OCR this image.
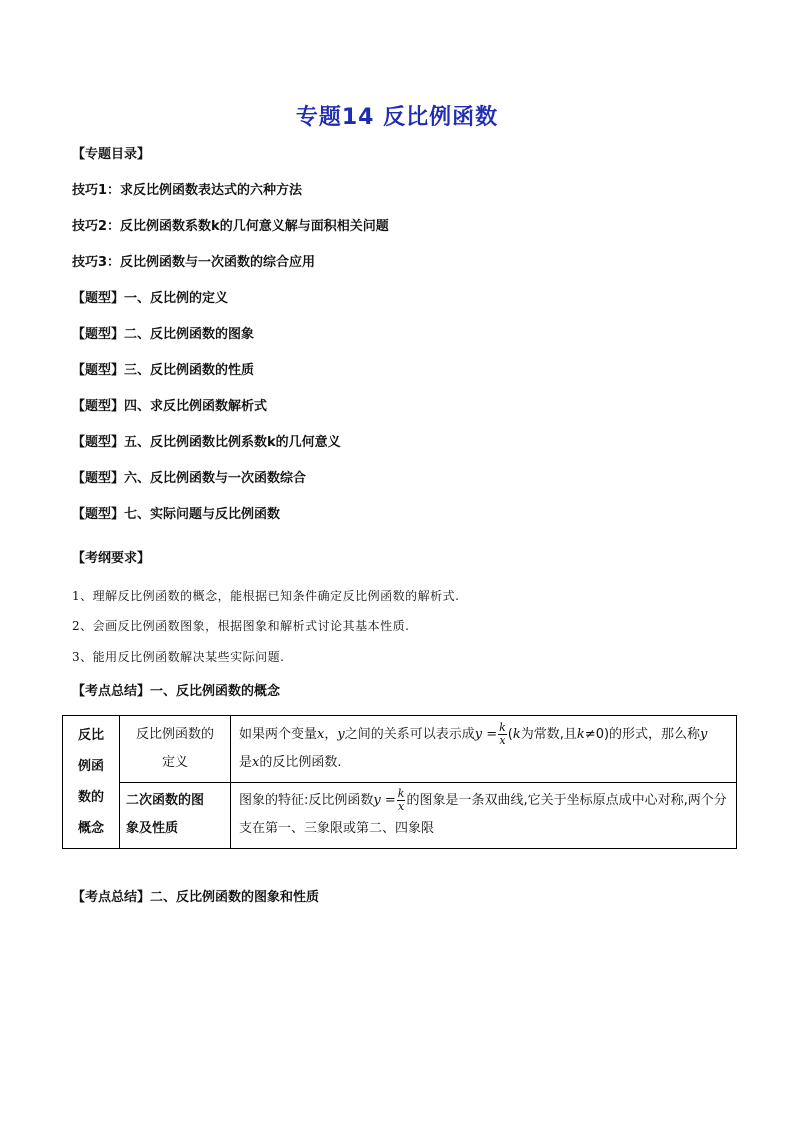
专题14 反比例函数
【专题目录】
技巧1：求反比例函数表达式的六种方法
技巧2：反比例函数系数k的几何意义解与面积相关问题
技巧3：反比例函数与一次函数的综合应用
【题型】一、反比例的定义
【题型】二、反比例函数的图象
【题型】三、反比例函数的性质
【题型】四、求反比例函数解析式
【题型】五、反比例函数比例系数k的几何意义
【题型】六、反比例函数与一次函数综合
【题型】七、实际问题与反比例函数
【考纲要求】
1、理解反比例函数的概念，能根据已知条件确定反比例函数的解析式.
2、会画反比例函数图象，根据图象和解析式讨论其基本性质.
3、能用反比例函数解决某些实际问题.
【考点总结】一、反比例函数的概念
反比例函数的概念	反比例函数的定义	如果两个变量x，y之间的关系可以表示成$y = \frac{k}{x} (k$为常数,且k≠0)的形式，那么称y
是x的反比例函数.
	二次函数的图象及性质	图象的特征:反比例函数$y = \frac{k}{x}$ 的图象是一条双曲线,它关于坐标原点成中心对称,两个分支在第一、三象限或第二、四象限
【考点总结】二、反比例函数的图象和性质
